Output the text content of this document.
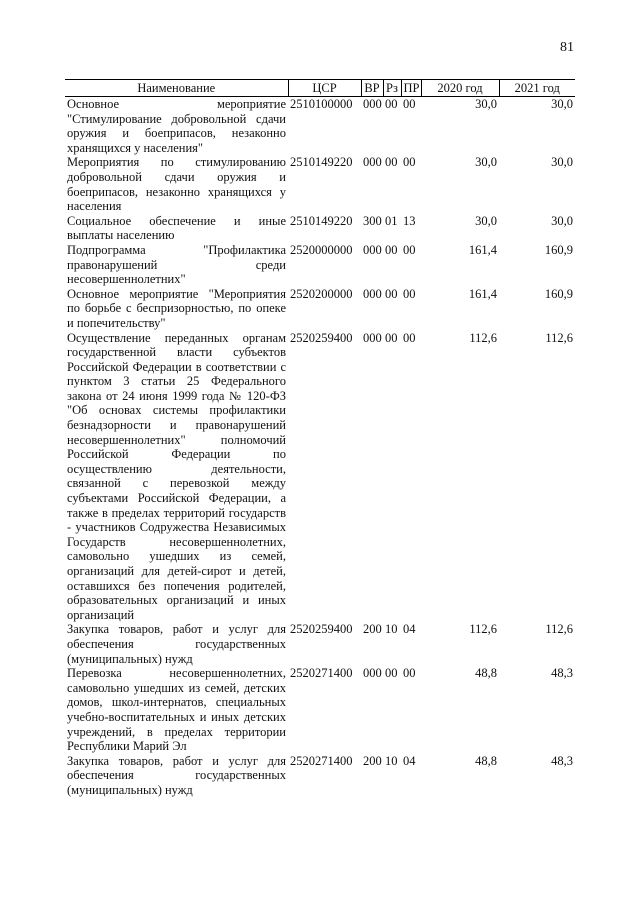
81
Наименование	ЦСР	ВР	Рз	ПР	2020 год	2021 год
Основное мероприятие "Стимулирование добровольной сдачи оружия и боеприпасов, незаконно хранящихся у населения"	2510100000	000	00	00	30,0	30,0
Мероприятия по стимулированию добровольной сдачи оружия и боеприпасов, незаконно хранящихся у населения	2510149220	000	00	00	30,0	30,0
Социальное обеспечение и иные выплаты населению	2510149220	300	01	13	30,0	30,0
Подпрограмма "Профилактика правонарушений среди несовершеннолетних"	2520000000	000	00	00	161,4	160,9
Основное мероприятие "Мероприятия по борьбе с беспризорностью, по опеке и попечительству"	2520200000	000	00	00	161,4	160,9
Осуществление переданных органам государственной власти субъектов Российской Федерации в соответствии с пунктом 3 статьи 25 Федерального закона от 24 июня 1999 года № 120-ФЗ "Об основах системы профилактики безнадзорности и правонарушений несовершеннолетних" полномочий Российской Федерации по осуществлению деятельности, связанной с перевозкой между субъектами Российской Федерации, а также в пределах территорий государств - участников Содружества Независимых Государств несовершеннолетних, самовольно ушедших из семей, организаций для детей-сирот и детей, оставшихся без попечения родителей, образовательных организаций и иных организаций	2520259400	000	00	00	112,6	112,6
Закупка товаров, работ и услуг для обеспечения государственных (муниципальных) нужд	2520259400	200	10	04	112,6	112,6
Перевозка несовершеннолетних, самовольно ушедших из семей, детских домов, школ-интернатов, специальных учебно-воспитательных и иных детских учреждений, в пределах территории Республики Марий Эл	2520271400	000	00	00	48,8	48,3
Закупка товаров, работ и услуг для обеспечения государственных (муниципальных) нужд	2520271400	200	10	04	48,8	48,3
